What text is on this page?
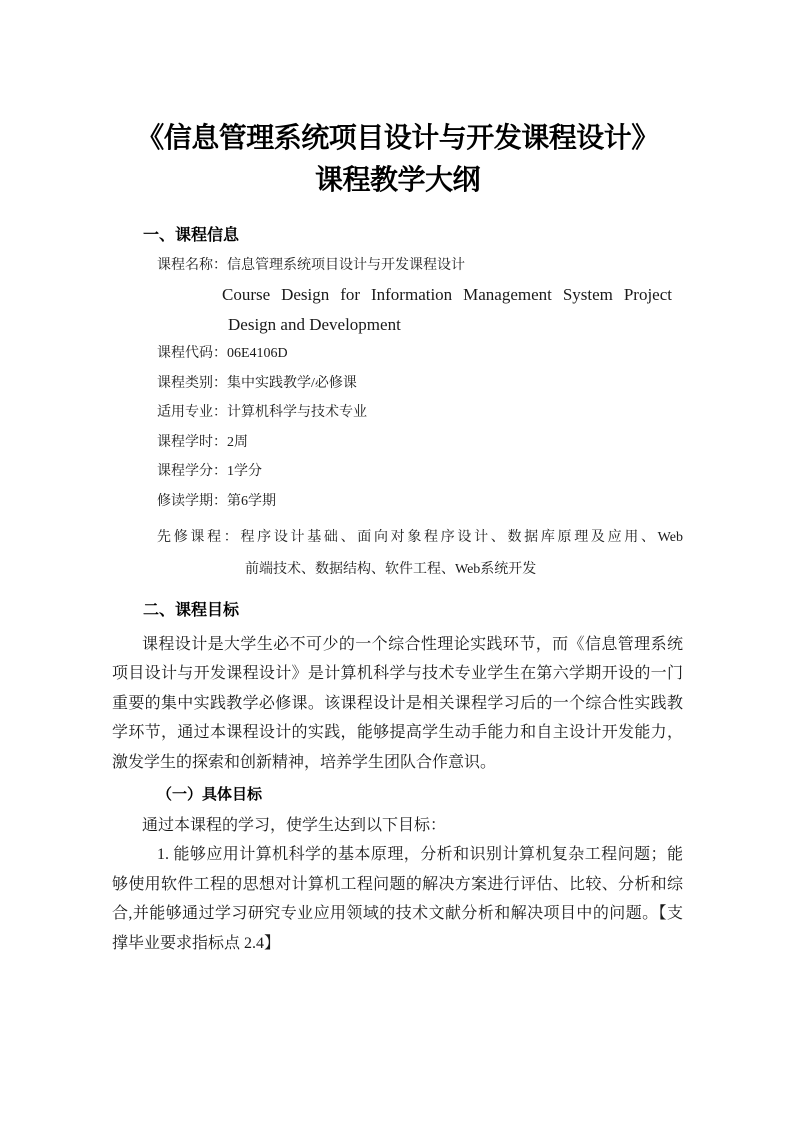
《信息管理系统项目设计与开发课程设计》
课程教学大纲
一、课程信息
课程名称：信息管理系统项目设计与开发课程设计
Course Design for Information Management System Project
Design and Development
课程代码：06E4106D
课程类别：集中实践教学/必修课
适用专业：计算机科学与技术专业
课程学时：2周
课程学分：1学分
修读学期：第6学期
先修课程：程序设计基础、面向对象程序设计、数据库原理及应用、Web
前端技术、数据结构、软件工程、Web系统开发
二、课程目标
课程设计是大学生必不可少的一个综合性理论实践环节，而《信息管理系统
项目设计与开发课程设计》是计算机科学与技术专业学生在第六学期开设的一门
重要的集中实践教学必修课。该课程设计是相关课程学习后的一个综合性实践教
学环节，通过本课程设计的实践，能够提高学生动手能力和自主设计开发能力，
激发学生的探索和创新精神，培养学生团队合作意识。
（一）具体目标
通过本课程的学习，使学生达到以下目标：
1. 能够应用计算机科学的基本原理，分析和识别计算机复杂工程问题；能
够使用软件工程的思想对计算机工程问题的解决方案进行评估、比较、分析和综
合,并能够通过学习研究专业应用领域的技术文献分析和解决项目中的问题。【支
撑毕业要求指标点 2.4】
